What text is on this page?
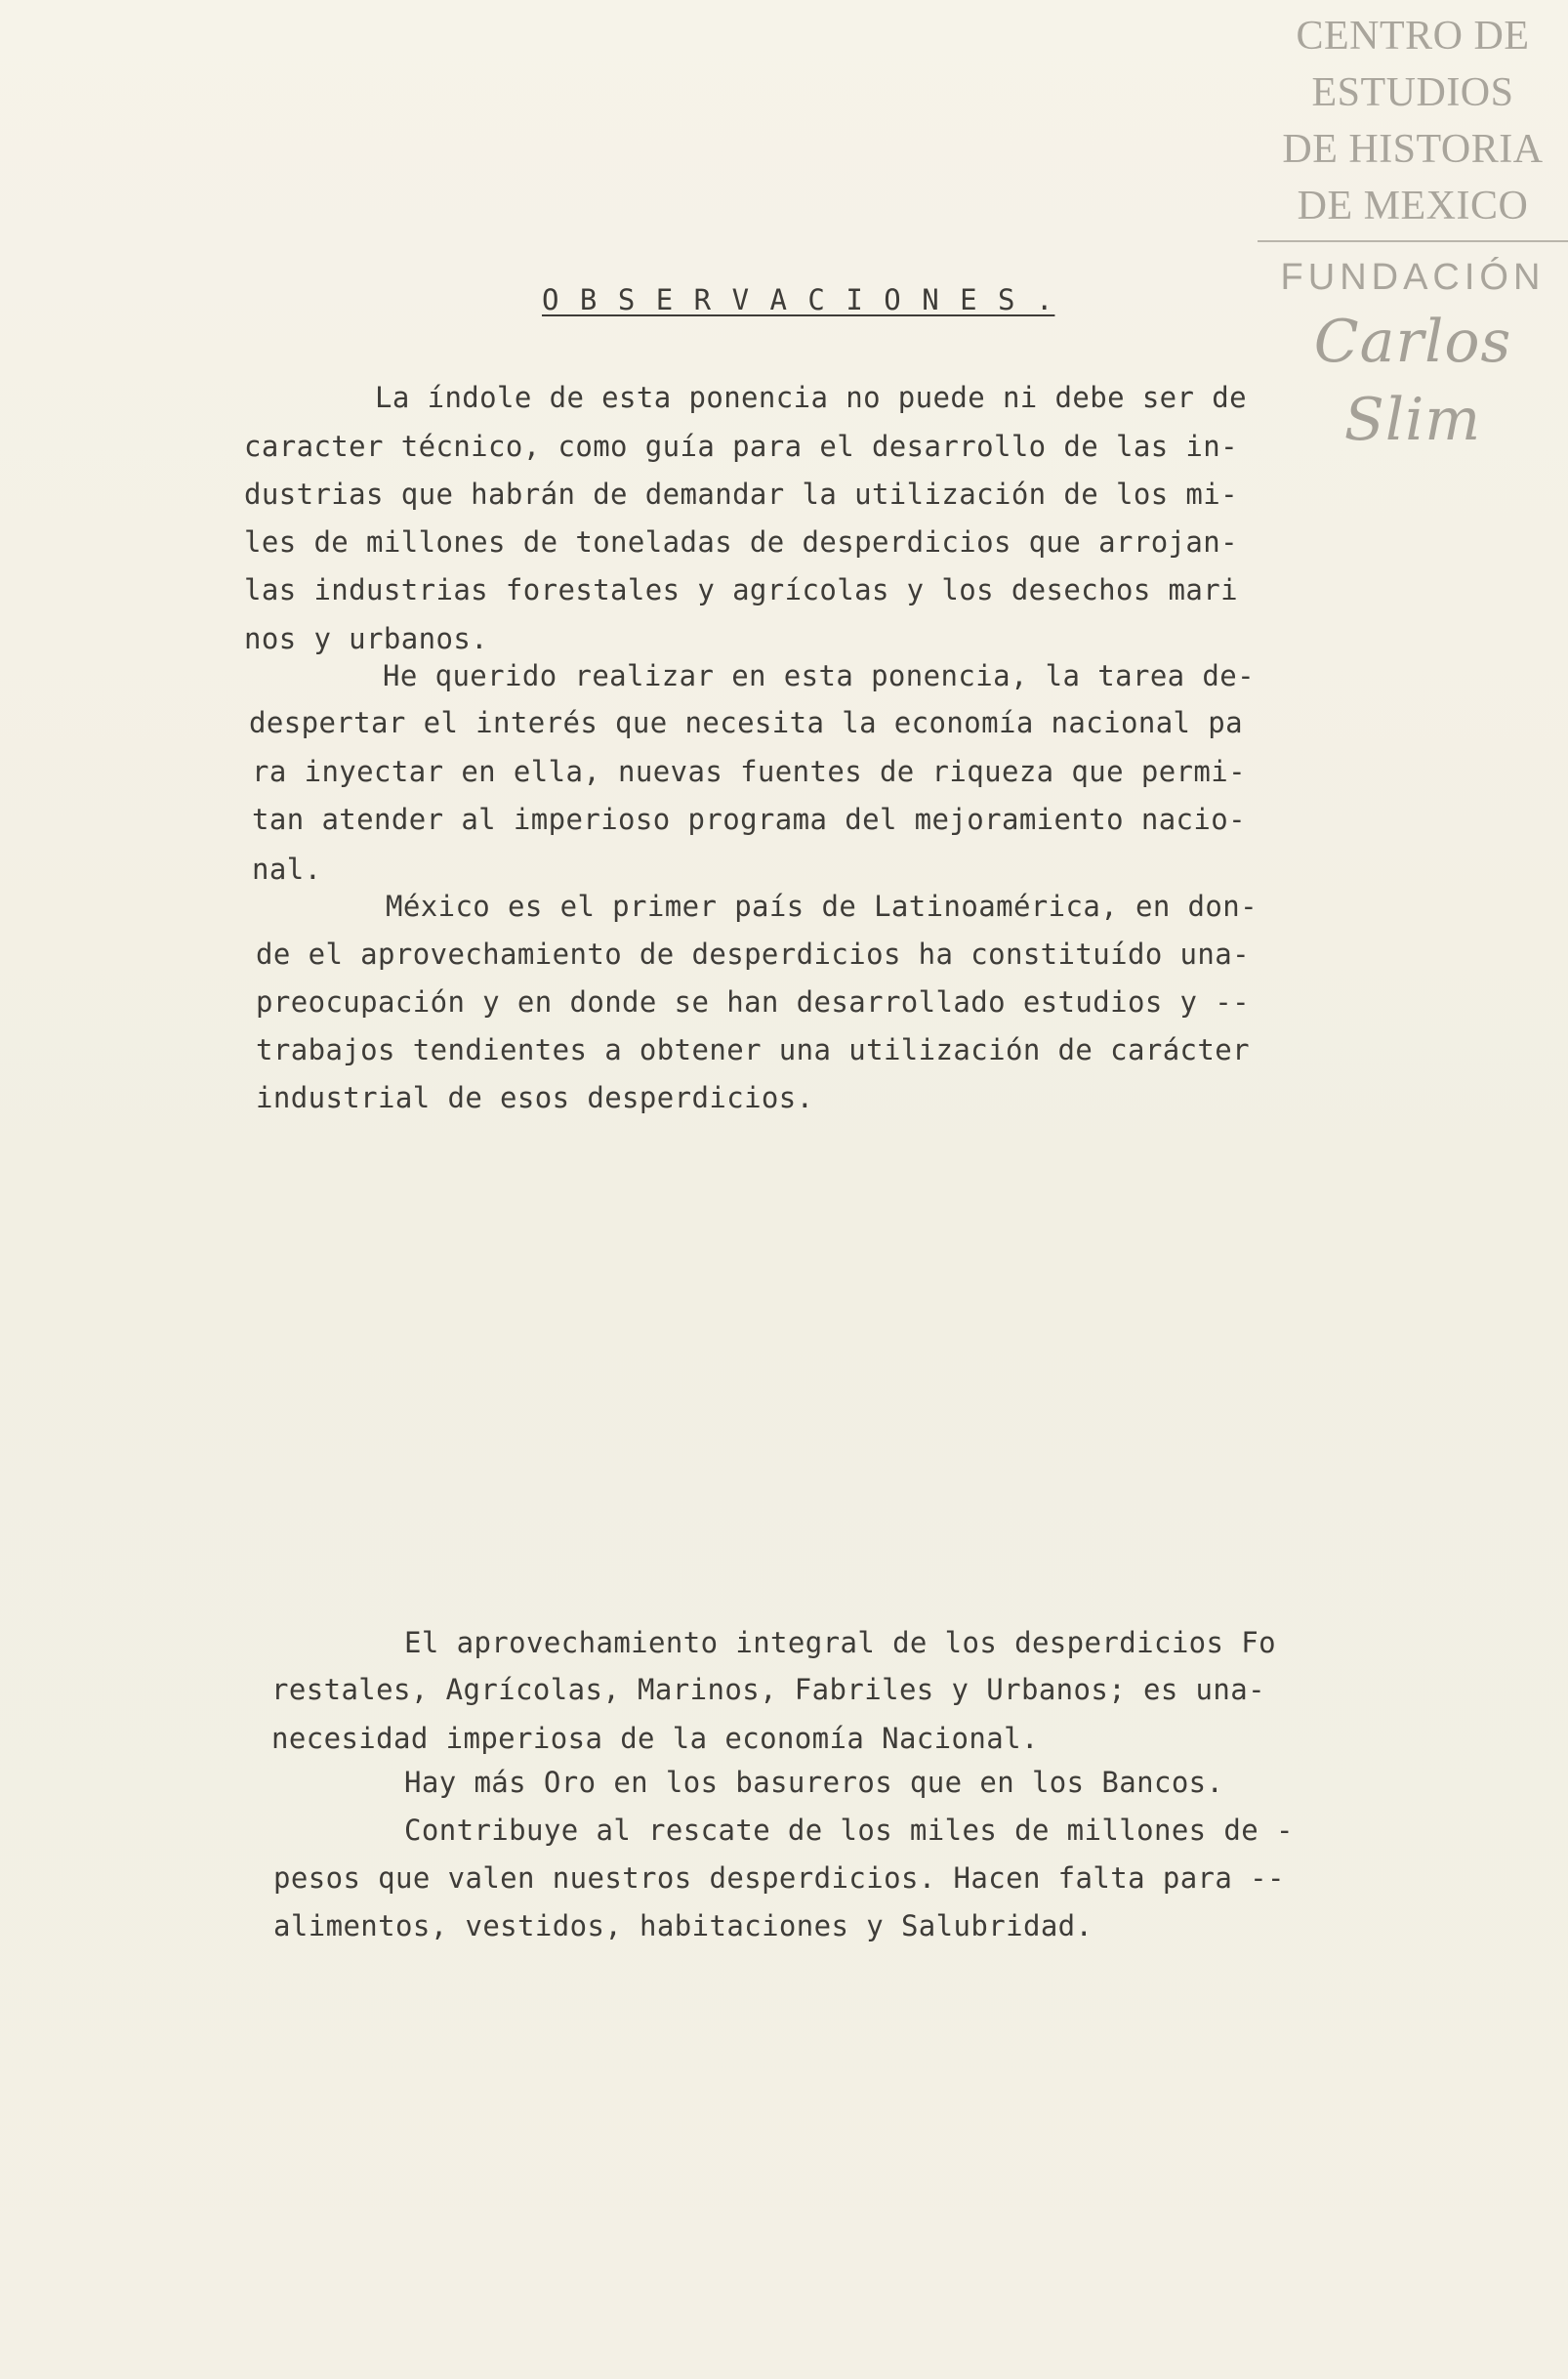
CENTRO DE
ESTUDIOS
DE HISTORIA
DE MEXICO
FUNDACIÓN
Carlos Slim
O B S E R V A C I O N E S .

La índole de esta ponencia no puede ni debe ser de

caracter técnico, como guía para el desarrollo de las in-

dustrias que habrán de demandar la utilización de los mi-

les de millones de toneladas de desperdicios que arrojan-

las industrias forestales y agrícolas y los desechos mari

nos y urbanos.

He querido realizar en esta ponencia, la tarea de-

despertar el interés que necesita la economía nacional pa

ra inyectar en ella, nuevas fuentes de riqueza que permi-

tan atender al imperioso programa del mejoramiento nacio-

nal.

México es el primer país de Latinoamérica, en don-

de el aprovechamiento de desperdicios ha constituído una-

preocupación y en donde se han desarrollado estudios y --

trabajos tendientes a obtener una utilización de carácter

industrial de esos desperdicios.

El aprovechamiento integral de los desperdicios Fo

restales, Agrícolas, Marinos, Fabriles y Urbanos; es una-

necesidad imperiosa de la economía Nacional.

Hay más Oro en los basureros que en los Bancos.

Contribuye al rescate de los miles de millones de -

pesos que valen nuestros desperdicios. Hacen falta para --

alimentos, vestidos, habitaciones y Salubridad.
